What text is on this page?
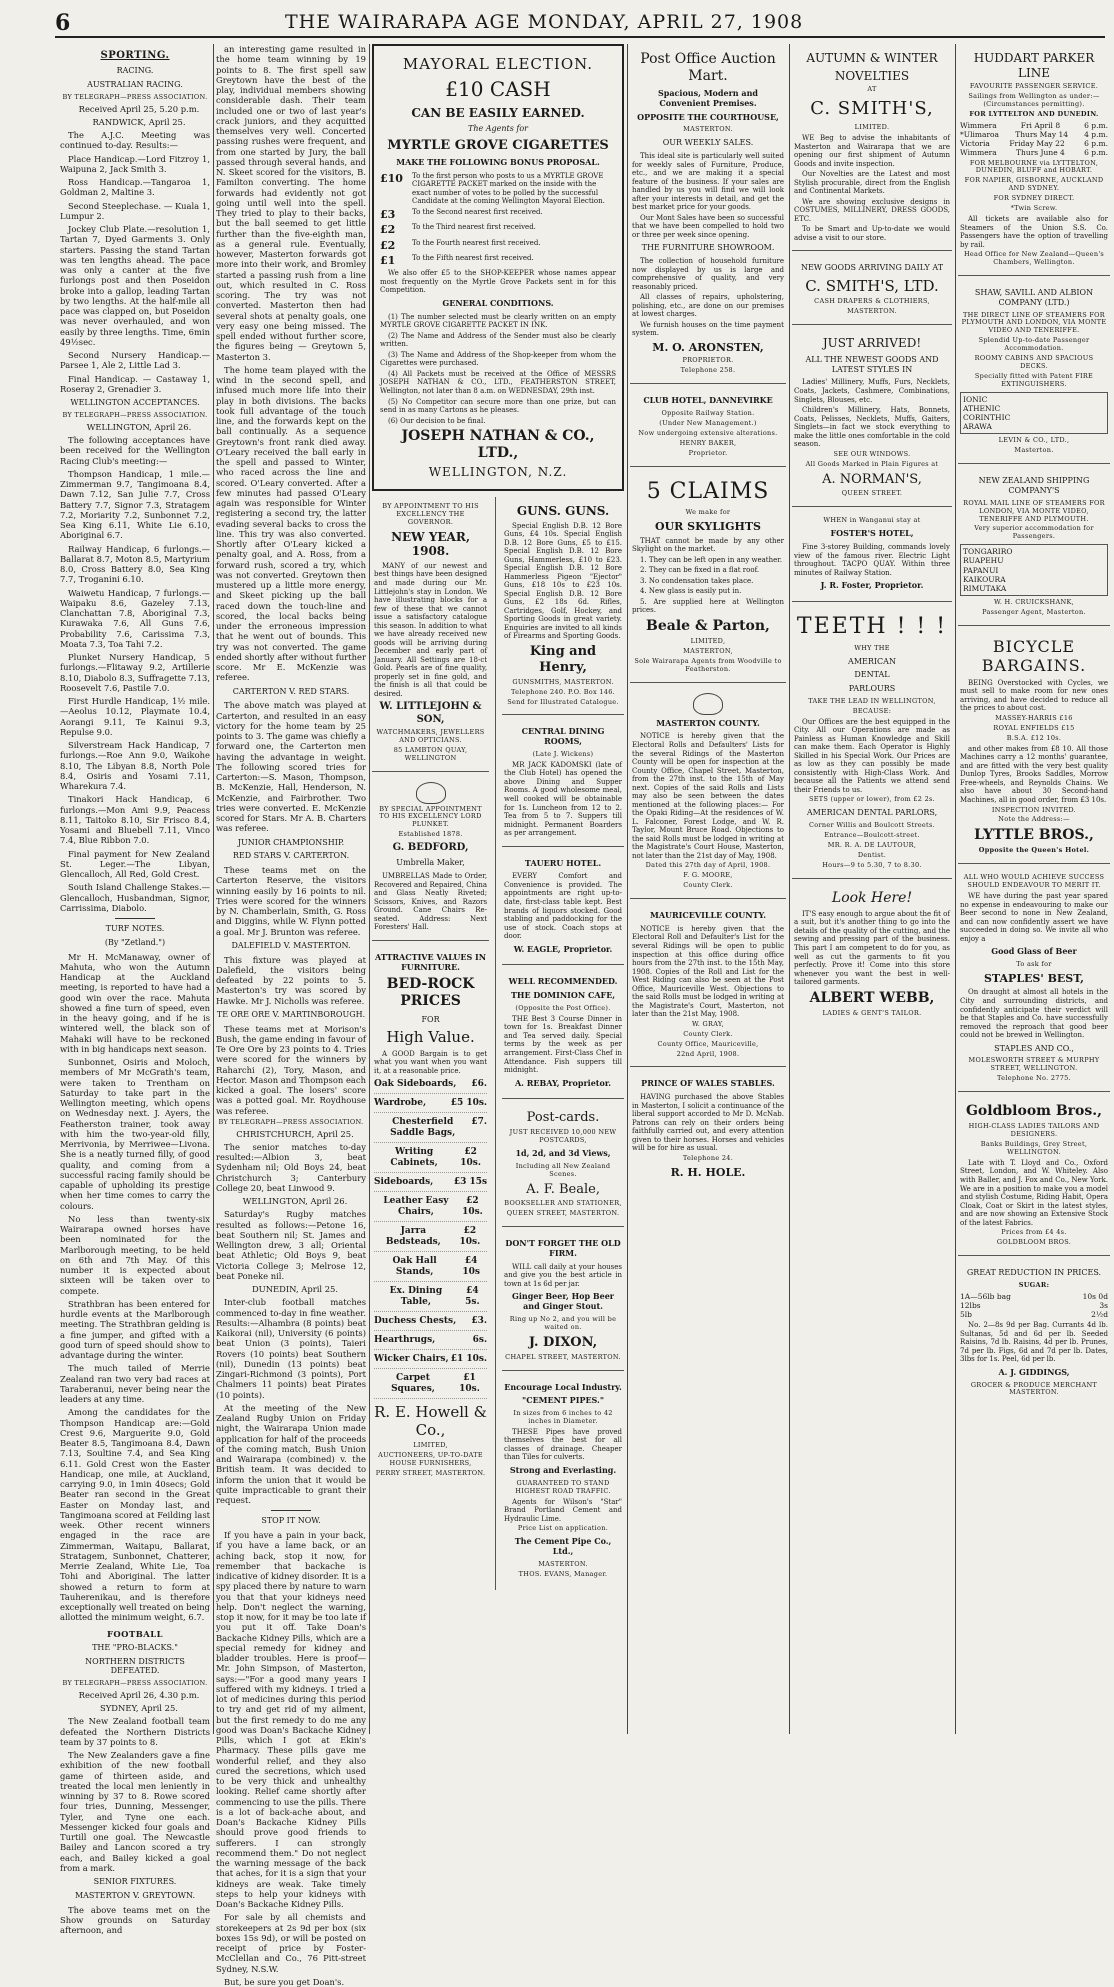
6	THE WAIRARAPA AGE MONDAY, APRIL 27, 1908
SPORTING.
RACING.
AUSTRALIAN RACING.
BY TELEGRAPH—PRESS ASSOCIATION.

Received April 25, 5.20 p.m.

RANDWICK, April 25.

The A.J.C. Meeting was continued to-day. Results:—

Place Handicap.—Lord Fitzroy 1, Waipuna 2, Jack Smith 3.

Ross Handicap.—Tangaroa 1, Goldman 2, Maltine 3.

Second Steeplechase. — Kuala 1, Lumpur 2.

Jockey Club Plate.—resolution 1, Tartan 7, Dyed Garments 3. Only starters. Passing the stand Tartan was ten lengths ahead. The pace was only a canter at the five furlongs post and then Poseidon broke into a gallop, leading Tartan by two lengths. At the half-mile all pace was clapped on, but Poseidon was never overhauled, and won easily by three lengths. Time, 6min 49½sec.

Second Nursery Handicap.—Parsee 1, Ale 2, Little Lad 3.

Final Handicap. — Castaway 1, Roseray 2, Grenadier 3.

WELLINGTON ACCEPTANCES.
BY TELEGRAPH—PRESS ASSOCIATION.

WELLINGTON, April 26.

The following acceptances have been received for the Wellington Racing Club's meeting:—

Thompson Handicap, 1 mile.—Zimmerman 9.7, Tangimoana 8.4, Dawn 7.12, San Julie 7.7, Cross Battery 7.7, Signor 7.3, Stratagem 7.2, Moriarity 7.2, Sunbonnet 7.2, Sea King 6.11, White Lie 6.10, Aboriginal 6.7.

Railway Handicap, 6 furlongs.—Ballarat 8.7, Moton 8.5, Martyrium 8.0, Cross Battery 8.0, Sea King 7.7, Troganini 6.10.

Waiwetu Handicap, 7 furlongs.—Waipaku 8.6, Gazeley 7.13, Clanchattan 7.8, Aboriginal 7.3, Kurawaka 7.6, All Guns 7.6, Probability 7.6, Carissima 7.3, Moata 7.3, Toa Tahi 7.2.

Plunket Nursery Handicap, 5 furlongs.—Flitaway 9.2, Artillerie 8.10, Diabolo 8.3, Suffragette 7.13, Roosevelt 7.6, Pastile 7.0.

First Hurdle Handicap, 1½ mile.—Aeolus 10.12, Playmate 10.4, Aorangi 9.11, Te Kainui 9.3, Repulse 9.0.

Silverstream Hack Handicap, 7 furlongs.—Roe Ann 9.0, Waikohe 8.10, The Libyan 8.8, North Pole 8.4, Osiris and Yosami 7.11, Wharekura 7.4.

Tinakori Hack Handicap, 6 furlongs.—Mon Ami 9.9, Peacess 8.11, Taitoko 8.10, Sir Frisco 8.4, Yosami and Bluebell 7.11, Vinco 7.4, Blue Ribbon 7.0.

Final payment for New Zealand St. Leger.—The Libyan, Glencalloch, All Red, Gold Crest.

South Island Challenge Stakes.—Glencalloch, Husbandman, Signor, Carrissima, Diabolo.

TURF NOTES.
(By "Zetland.")

Mr H. McManaway, owner of Mahuta, who won the Autumn Handicap at the Auckland meeting, is reported to have had a good win over the race. Mahuta showed a fine turn of speed, even in the heavy going, and if he is wintered well, the black son of Mahaki will have to be reckoned with in big handicaps next season.

Sunbonnet, Osiris and Moloch, members of Mr McGrath's team, were taken to Trentham on Saturday to take part in the Wellington meeting, which opens on Wednesday next. J. Ayers, the Featherston trainer, took away with him the two-year-old filly, Merrivonia, by Merriwee—Livona. She is a neatly turned filly, of good quality, and coming from a successful racing family should be capable of upholding its prestige when her time comes to carry the colours.

No less than twenty-six Wairarapa owned horses have been nominated for the Marlborough meeting, to be held on 6th and 7th May. Of this number it is expected about sixteen will be taken over to compete.

Strathbran has been entered for hurdle events at the Marlborough meeting. The Strathbran gelding is a fine jumper, and gifted with a good turn of speed should show to advantage during the winter.

The much tailed of Merrie Zealand ran two very bad races at Taraberanui, never being near the leaders at any time.

Among the candidates for the Thompson Handicap are:—Gold Crest 9.6, Marguerite 9.0, Gold Beater 8.5, Tangimoana 8.4, Dawn 7.13, Soultine 7.4, and Sea King 6.11. Gold Crest won the Easter Handicap, one mile, at Auckland, carrying 9.0, in 1min 40secs; Gold Beater ran second in the Great Easter on Monday last, and Tangimoana scored at Feilding last week. Other recent winners engaged in the race are Zimmerman, Waitapu, Ballarat, Stratagem, Sunbonnet, Chatterer, Merrie Zealand, White Lie, Toa Tohi and Aboriginal. The latter showed a return to form at Tauherenikau, and is therefore exceptionally well treated on being allotted the minimum weight, 6.7.

FOOTBALL
THE "PRO-BLACKS."
NORTHERN DISTRICTS DEFEATED.
BY TELEGRAPH—PRESS ASSOCIATION.

Received April 26, 4.30 p.m.

SYDNEY, April 25.

The New Zealand football team defeated the Northern Districts team by 37 points to 8.

The New Zealanders gave a fine exhibition of the new football game of thirteen aside, and treated the local men leniently in winning by 37 to 8. Rowe scored four tries, Dunning, Messenger, Tyler, and Tyne one each. Messenger kicked four goals and Turtill one goal. The Newcastle Bailey and Lancon scored a try each, and Bailey kicked a goal from a mark.

SENIOR FIXTURES.
MASTERTON V. GREYTOWN.

The above teams met on the Show grounds on Saturday afternoon, and

an interesting game resulted in the home team winning by 19 points to 8. The first spell saw Greytown have the best of the play, individual members showing considerable dash. Their team included one or two of last year's crack juniors, and they acquitted themselves very well. Concerted passing rushes were frequent, and from one started by Jury, the ball passed through several hands, and N. Skeet scored for the visitors, B. Familton converting. The home forwards had evidently not got going until well into the spell. They tried to play to their backs, but the ball seemed to get little further than the five-eighth man, as a general rule. Eventually, however, Masterton forwards got more into their work, and Bromley started a passing rush from a line out, which resulted in C. Ross scoring. The try was not converted. Masterton then had several shots at penalty goals, one very easy one being missed. The spell ended without further score, the figures being — Greytown 5, Masterton 3.

The home team played with the wind in the second spell, and infused much more life into their play in both divisions. The backs took full advantage of the touch line, and the forwards kept on the ball continually. As a sequence Greytown's front rank died away. O'Leary received the ball early in the spell and passed to Winter, who raced across the line and scored. O'Leary converted. After a few minutes had passed O'Leary again was responsible for Winter registering a second try, the latter evading several backs to cross the line. This try was also converted. Shortly after O'Leary kicked a penalty goal, and A. Ross, from a forward rush, scored a try, which was not converted. Greytown then mustered up a little more energy, and Skeet picking up the ball raced down the touch-line and scored, the local backs being under the erroneous impression that he went out of bounds. This try was not converted. The game ended shortly after without further score. Mr E. McKenzie was referee.

CARTERTON V. RED STARS.

The above match was played at Carterton, and resulted in an easy victory for the home team by 25 points to 3. The game was chiefly a forward one, the Carterton men having the advantage in weight. The following scored tries for Carterton:—S. Mason, Thompson, B. McKenzie, Hall, Henderson, N. McKenzie, and Fairbrother. Two tries were converted. E. McKenzie scored for Stars. Mr A. B. Charters was referee.

JUNIOR CHAMPIONSHIP.
RED STARS V. CARTERTON.

These teams met on the Carterton Reserve, the visitors winning easily by 16 points to nil. Tries were scored for the winners by N. Chamberlain, Smith, G. Ross and Diggins, while W. Flynn potted a goal. Mr J. Brunton was referee.

DALEFIELD V. MASTERTON.

This fixture was played at Dalefield, the visitors being defeated by 22 points to 5. Masterton's try was scored by Hawke. Mr J. Nicholls was referee.

TE ORE ORE V. MARTINBOROUGH.

These teams met at Morison's Bush, the game ending in favour of Te Ore Ore by 23 points to 4. Tries were scored for the winners by Raharchi (2), Tory, Mason, and Hector. Mason and Thompson each kicked a goal. The losers' score was a potted goal. Mr. Roydhouse was referee.

BY TELEGRAPH—PRESS ASSOCIATION.

CHRISTCHURCH, April 25.

The senior matches to-day resulted:—Albion 3, beat Sydenham nil; Old Boys 24, beat Christchurch 3; Canterbury College 20, beat Linwood 9.

WELLINGTON, April 26.

Saturday's Rugby matches resulted as follows:—Petone 16, beat Southern nil; St. James and Wellington drew, 3 all; Oriental beat Athletic; Old Boys 9, beat Victoria College 3; Melrose 12, beat Poneke nil.

DUNEDIN, April 25.

Inter-club football matches commenced to-day in fine weather. Results:—Alhambra (8 points) beat Kaikorai (nil), University (6 points) beat Union (3 points), Taieri Rovers (10 points) beat Southern (nil), Dunedin (13 points) beat Zingari-Richmond (3 points), Port Chalmers 11 points) beat Pirates (10 points).

At the meeting of the New Zealand Rugby Union on Friday night, the Wairarapa Union made application for half of the proceeds of the coming match, Bush Union and Wairarapa (combined) v. the British team. It was decided to inform the union that it would be quite impracticable to grant their request.

STOP IT NOW.

If you have a pain in your back, if you have a lame back, or an aching back, stop it now, for remember that backache is indicative of kidney disorder. It is a spy placed there by nature to warn you that that your kidneys need help. Don't neglect the warning, stop it now, for it may be too late if you put it off. Take Doan's Backache Kidney Pills, which are a special remedy for kidney and bladder troubles. Here is proof—Mr. John Simpson, of Masterton, says:—"For a good many years I suffered with my kidneys. I tried a lot of medicines during this period to try and get rid of my ailment, but the first remedy to do me any good was Doan's Backache Kidney Pills, which I got at Ekin's Pharmacy. These pills gave me wonderful relief, and they also cured the secretions, which used to be very thick and unhealthy looking. Relief came shortly after commencing to use the pills. There is a lot of back-ache about, and Doan's Backache Kidney Pills should prove good friends to sufferers. I can strongly recommend them." Do not neglect the warning message of the back that aches, for it is a sign that your kidneys are weak. Take timely steps to help your kidneys with Doan's Backache Kidney Pills.

For sale by all chemists and storekeepers at 2s 9d per box (six boxes 15s 9d), or will be posted on receipt of price by Foster-McClellan and Co., 76 Pitt-street Sydney, N.S.W.

But, be sure you get Doan's.

MAYORAL ELECTION.
£10 CASH
CAN BE EASILY EARNED.
The Agents for
MYRTLE GROVE CIGARETTES
MAKE THE FOLLOWING BONUS PROPOSAL.
£10	To the first person who posts to us a MYRTLE GROVE CIGARETTE PACKET marked on the inside with the exact number of votes to be polled by the successful Candidate at the coming Wellington Mayoral Election.
£3	To the Second nearest first received.
£2	To the Third nearest first received.
£2	To the Fourth nearest first received.
£1	To the Fifth nearest first received.

We also offer £5 to the SHOP-KEEPER whose names appear most frequently on the Myrtle Grove Packets sent in for this Competition.

GENERAL CONDITIONS.

(1) The number selected must be clearly written on an empty MYRTLE GROVE CIGARETTE PACKET IN INK.

(2) The Name and Address of the Sender must also be clearly written.

(3) The Name and Address of the Shop-keeper from whom the Cigarettes were purchased.

(4) All Packets must be received at the Office of MESSRS JOSEPH NATHAN & CO., LTD., FEATHERSTON STREET, Wellington, not later than 8 a.m. on WEDNESDAY, 29th inst.

(5) No Competitor can secure more than one prize, but can send in as many Cartons as he pleases.

(6) Our decision to be final.

JOSEPH NATHAN & CO., LTD.,
WELLINGTON, N.Z.
BY APPOINTMENT TO HIS EXCELLENCY THE GOVERNOR.
NEW YEAR, 1908.

MANY of our newest and best things have been designed and made during our Mr. Littlejohn's stay in London. We have illustrating blocks for a few of these that we cannot issue a satisfactory catalogue this season. In addition to what we have already received new goods will be arriving during December and early part of January. All Settings are 18-ct Gold. Pearls are of fine quality, properly set in fine gold, and the finish is all that could be desired.

W. LITTLEJOHN & SON,
WATCHMAKERS, JEWELLERS AND OPTICIANS.
85 LAMBTON QUAY, WELLINGTON
BY SPECIAL APPOINTMENT TO HIS EXCELLENCY LORD PLUNKET.
Established 1878.
G. BEDFORD,
Umbrella Maker,

UMBRELLAS Made to Order, Recovered and Repaired, China and Glass Neatly Riveted; Scissors, Knives, and Razors Ground. Cane Chairs Re-seated. Address: Next Foresters' Hall.

ATTRACTIVE VALUES IN FURNITURE.
BED-ROCK PRICES
FOR
High Value.

A GOOD Bargain is to get what you want when you want it, at a reasonable price.

Oak Sideboards, £6.
Wardrobe,	£5 10s.
Chesterfield Saddle Bags,
£7.
Writing Cabinets,
£2 10s.
Sideboards, £3 15s
Leather Easy Chairs,
£2 10s.
Jarra Bedsteads,
£2 10s.
Oak Hall Stands,
£4 10s
Ex. Dining Table,
£4 5s.
Duchess Chests, £3.
Hearthrugs,	6s.
Wicker Chairs, £1 10s.
Carpet Squares,
£1 10s.
R. E. Howell & Co.,
LIMITED,
AUCTIONEERS, UP-TO-DATE HOUSE FURNISHERS,
PERRY STREET, MASTERTON.
GUNS. GUNS.

Special English D.B. 12 Bore Guns, £4 10s. Special English D.B. 12 Bore Guns, £5 to £15. Special English D.B. 12 Bore Guns, Hammerless, £10 to £23. Special English D.B. 12 Bore Hammerless Pigeon "Ejector" Guns, £18 10s to £23 10s. Special English D.B. 12 Bore Guns, £2 18s 6d. Rifles, Cartridges, Golf, Hockey, and Sporting Goods in great variety. Enquiries are invited to all kinds of Firearms and Sporting Goods.

King and Henry,
GUNSMITHS, MASTERTON.
Telephone 240. P.O. Box 146.
Send for Illustrated Catalogue.
CENTRAL DINING ROOMS,
(Late J. Wickens)

MR JACK KADOMSKI (late of the Club Hotel) has opened the above Dining and Supper Rooms. A good wholesome meal, well cooked will be obtainable for 1s. Luncheon from 12 to 2. Tea from 5 to 7. Suppers till midnight. Permanent Boarders as per arrangement.

TAUERU HOTEL.

EVERY Comfort and Convenience is provided. The appointments are right up-to-date, first-class table kept. Best brands of liquors stocked. Good stabling and paddocking for the use of stock. Coach stops at door.

W. EAGLE, Proprietor.
WELL RECOMMENDED.
THE DOMINION CAFE,
(Opposite the Post Office).

THE Best 3 Course Dinner in town for 1s. Breakfast Dinner and Tea served daily. Special terms by the week as per arrangement. First-Class Chef in Attendance. Fish suppers till midnight.

A. REBAY, Proprietor.
Post-cards.
JUST RECEIVED 10,000 NEW POSTCARDS,
1d, 2d, and 3d Views,
Including all New Zealand Scenes.
A. F. Beale,
BOOKSELLER AND STATIONER,
QUEEN STREET, MASTERTON.
DON'T FORGET THE OLD FIRM.

WILL call daily at your houses and give you the best article in town at 1s 6d per jar.

Ginger Beer, Hop Beer and Ginger Stout.
Ring up No 2, and you will be waited on.
J. DIXON,
CHAPEL STREET, MASTERTON.
Encourage Local Industry.
"CEMENT PIPES."
In sizes from 6 inches to 42 inches in Diameter.

THESE Pipes have proved themselves the best for all classes of drainage. Cheaper than Tiles for culverts.

Strong and Everlasting.
GUARANTEED TO STAND HIGHEST ROAD TRAFFIC.

Agents for Wilson's "Star" Brand Portland Cement and Hydraulic Lime.

Price List on application.
The Cement Pipe Co., Ltd.,
MASTERTON.
THOS. EVANS, Manager.
Post Office Auction Mart.
Spacious, Modern and Convenient Premises.
OPPOSITE THE COURTHOUSE,
MASTERTON.
OUR WEEKLY SALES.

This ideal site is particularly well suited for weekly sales of Furniture, Produce, etc., and we are making it a special feature of the business. If your sales are handled by us you will find we will look after your interests in detail, and get the best market price for your goods.

Our Mont Sales have been so successful that we have been compelled to hold two or three per week since opening.

THE FURNITURE SHOWROOM.

The collection of household furniture now displayed by us is large and comprehensive of quality, and very reasonably priced.

All classes of repairs, upholstering, polishing, etc., are done on our premises at lowest charges.

We furnish houses on the time payment system.

M. O. ARONSTEN,
PROPRIETOR.
Telephone 258.
CLUB HOTEL, DANNEVIRKE
Opposite Railway Station.
(Under New Management.)
Now undergoing extensive alterations.
HENRY BAKER,
Proprietor.
5 CLAIMS
We make for
OUR SKYLIGHTS

THAT cannot be made by any other Skylight on the market.

1. They can be left open in any weather.

2. They can be fixed in a flat roof.

3. No condensation takes place.

4. New glass is easily put in.

5. Are supplied here at Wellington prices.

Beale & Parton,
LIMITED,
MASTERTON,
Sole Wairarapa Agents from Woodville to Featherston.
MASTERTON COUNTY.

NOTICE is hereby given that the Electoral Rolls and Defaulters' Lists for the several Ridings of the Masterton County will be open for inspection at the County Office, Chapel Street, Masterton, from the 27th inst. to the 15th of May next. Copies of the said Rolls and Lists may also be seen between the dates mentioned at the following places:— For the Opaki Riding—At the residences of W. L. Falconer, Forest Lodge, and W. R. Taylor, Mount Bruce Road. Objections to the said Rolls must be lodged in writing at the Magistrate's Court House, Masterton, not later than the 21st day of May, 1908.

Dated this 27th day of April, 1908.
F. G. MOORE,
County Clerk.
MAURICEVILLE COUNTY.

NOTICE is hereby given that the Electoral Roll and Defaulter's List for the several Ridings will be open to public inspection at this office during office hours from the 27th inst. to the 15th May, 1908. Copies of the Roll and List for the West Riding can also be seen at the Post Office, Mauriceville West. Objections to the said Rolls must be lodged in writing at the Magistrate's Court, Masterton, not later than the 21st May, 1908.

W. GRAY,
County Clerk.
County Office, Mauriceville,
22nd April, 1908.
PRINCE OF WALES STABLES.

HAVING purchased the above Stables in Masterton, I solicit a continuance of the liberal support accorded to Mr D. McNab. Patrons can rely on their orders being faithfully carried out, and every attention given to their horses. Horses and vehicles will be for hire as usual.

Telephone 24.
R. H. HOLE.
AUTUMN & WINTER
NOVELTIES
AT
C. SMITH'S,
LIMITED.

WE Beg to advise the inhabitants of Masterton and Wairarapa that we are opening our first shipment of Autumn Goods and invite inspection.

Our Novelties are the Latest and most Stylish procurable, direct from the English and Continental Markets.

We are showing exclusive designs in COSTUMES, MILLINERY, DRESS GOODS, ETC.

To be Smart and Up-to-date we would advise a visit to our store.

NEW GOODS ARRIVING DAILY AT
C. SMITH'S, LTD.
CASH DRAPERS & CLOTHIERS,
MASTERTON.
JUST ARRIVED!
ALL THE NEWEST GOODS AND LATEST STYLES IN

Ladies' Millinery, Muffs, Furs, Necklets, Coats, Jackets, Cashmere, Combinations, Singlets, Blouses, etc.

Children's Millinery, Hats, Bonnets, Coats, Pelisses, Necklets, Muffs, Gaiters, Singlets—in fact we stock everything to make the little ones comfortable in the cold season.

SEE OUR WINDOWS.
All Goods Marked in Plain Figures at
A. NORMAN'S,
QUEEN STREET.
WHEN in Wanganui stay at
FOSTER'S HOTEL,

Fine 3-storey Building, commands lovely view of the famous river. Electric Light throughout. TACPO QUAY. Within three minutes of Railway Station.

J. R. Foster, Proprietor.
TEETH ! ! !
WHY THE
AMERICAN
DENTAL
PARLOURS
TAKE THE LEAD IN WELLINGTON,
BECAUSE:

Our Offices are the best equipped in the City. All our Operations are made as Painless as Human Knowledge and Skill can make them. Each Operator is Highly Skilled in his Special Work. Our Prices are as low as they can possibly be made consistently with High-Class Work. And because all the Patients we attend send their Friends to us.

SETS (upper or lower), from £2 2s.
AMERICAN DENTAL PARLORS,
Corner Willis and Boulcott Streets.
Entrance—Boulcott-street.
MR. R. A. DE LAUTOUR,
Dentist.
Hours—9 to 5.30, 7 to 8.30.
Look Here!

IT'S easy enough to argue about the fit of a suit, but it's another thing to go into the details of the quality of the cutting, and the sewing and pressing part of the business. This part I am competent to do for you, as well as cut the garments to fit you perfectly. Prove it! Come into this store whenever you want the best in well-tailored garments.

ALBERT WEBB,
LADIES & GENT'S TAILOR.
HUDDART PARKER LINE
FAVOURITE PASSENGER SERVICE.
Sailings from Wellington as under:— (Circumstances permitting).
FOR LYTTELTON AND DUNEDIN.
Wimmera	Fri April 8	6 p.m.
*Ulimaroa Thurs May 14 4 p.m.
Victoria	Friday May 22	6 p.m.
Wimmera	Thurs June 4	6 p.m.
FOR MELBOURNE via LYTTELTON, DUNEDIN, BLUFF and HOBART.
FOR NAPIER, GISBORNE, AUCKLAND AND SYDNEY.
FOR SYDNEY DIRECT.
*Twin Screw.

All tickets are available also for Steamers of the Union S.S. Co. Passengers have the option of travelling by rail.

Head Office for New Zealand—Queen's Chambers, Wellington.
SHAW, SAVILL AND ALBION COMPANY (LTD.)
THE DIRECT LINE OF STEAMERS FOR PLYMOUTH AND LONDON, VIA MONTE VIDEO AND TENERIFFE.
Splendid Up-to-date Passenger Accommodation.
ROOMY CABINS AND SPACIOUS DECKS.
Specially fitted with Patent FIRE EXTINGUISHERS.
IONIC
ATHENIC
CORINTHIC
ARAWA
LEVIN & CO., LTD.,
Masterton.
NEW ZEALAND SHIPPING COMPANY'S
ROYAL MAIL LINE OF STEAMERS FOR LONDON, VIA MONTE VIDEO, TENERIFFE AND PLYMOUTH.
Very superior accommodation for Passengers.
TONGARIRO
RUAPEHU
PAPANUI
KAIKOURA
RIMUTAKA
W. H. CRUICKSHANK,
Passenger Agent, Masterton.
BICYCLE BARGAINS.

BEING Overstocked with Cycles, we must sell to make room for new ones arriving, and have decided to reduce all the prices to about cost.

MASSEY-HARRIS £16
ROYAL ENFIELDS £15
B.S.A. £12 10s.

and other makes from £8 10. All those Machines carry a 12 months' guarantee, and are fitted with the very best quality Dunlop Tyres, Brooks Saddles, Morrow Free-wheels, and Reynolds Chains. We also have about 30 Second-hand Machines, all in good order, from £3 10s.

INSPECTION INVITED.
Note the Address:—
LYTTLE BROS.,
Opposite the Queen's Hotel.
ALL WHO WOULD ACHIEVE SUCCESS SHOULD ENDEAVOUR TO MERIT IT.

WE have during the past year spared no expense in endeavouring to make our Beer second to none in New Zealand, and can now confidently assert we have succeeded in doing so. We invite all who enjoy a

Good Glass of Beer
To ask for
STAPLES' BEST,

On draught at almost all hotels in the City and surrounding districts, and confidently anticipate their verdict will be that Staples and Co. have successfully removed the reproach that good beer could not be brewed in Wellington.

STAPLES AND CO.,
MOLESWORTH STREET & MURPHY STREET, WELLINGTON.
Telephone No. 2775.
Goldbloom Bros.,
HIGH-CLASS LADIES TAILORS AND DESIGNERS.
Banks Buildings, Grey Street, WELLINGTON.

Late with T. Lloyd and Co., Oxford Street, London, and W. Whiteley. Also with Baller, and J. Fox and Co., New York. We are in a position to make you a model and stylish Costume, Riding Habit, Opera Cloak, Coat or Skirt in the latest styles, and are now showing an Extensive Stock of the latest Fabrics.

Prices from £4 4s.
GOLDBLOOM BROS.
GREAT REDUCTION IN PRICES.
SUGAR:
1A—56lb bag	10s 0d
12lbs	3s
5lb	2½d

No. 2—8s 9d per Bag. Currants 4d lb. Sultanas, 5d and 6d per lb. Seeded Raisins, 7d lb. Raisins, 4d per lb. Prunes, 7d per lb. Figs, 6d and 7d per lb. Dates, 3lbs for 1s. Peel, 6d per lb.

A. J. GIDDINGS,
GROCER & PRODUCE MERCHANT MASTERTON.
